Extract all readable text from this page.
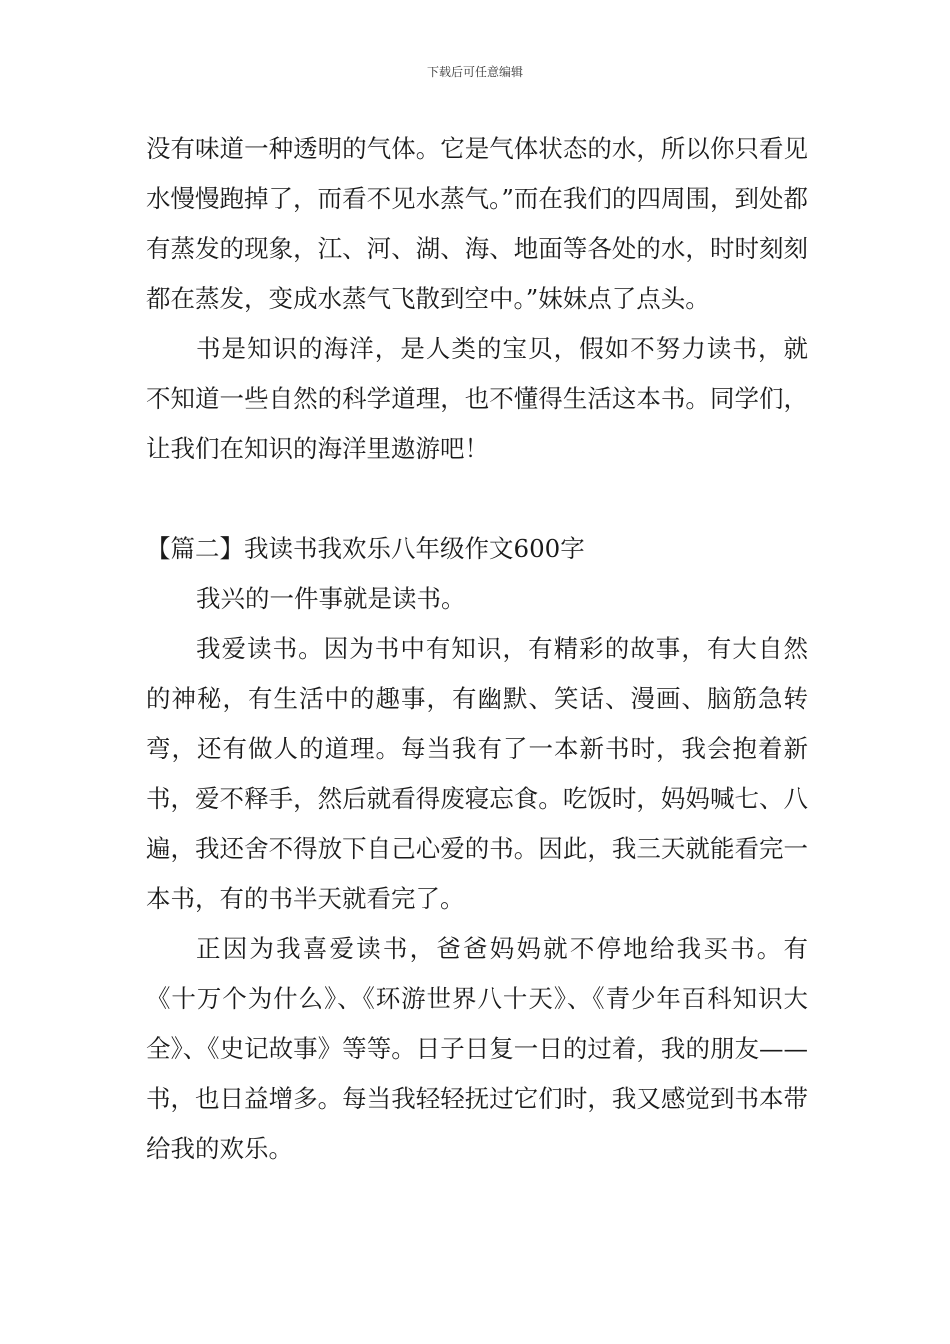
下载后可任意编辑

没有味道一种透明的气体。它是气体状态的水，所以你只看见水慢慢跑掉了，而看不见水蒸气。”而在我们的四周围，到处都有蒸发的现象，江、河、湖、海、地面等各处的水，时时刻刻都在蒸发，变成水蒸气飞散到空中。”妹妹点了点头。

书是知识的海洋，是人类的宝贝，假如不努力读书，就不知道一些自然的科学道理，也不懂得生活这本书。同学们，让我们在知识的海洋里遨游吧！

【篇二】我读书我欢乐八年级作文600字

我兴的一件事就是读书。

我爱读书。因为书中有知识，有精彩的故事，有大自然的神秘，有生活中的趣事，有幽默、笑话、漫画、脑筋急转弯，还有做人的道理。每当我有了一本新书时，我会抱着新书，爱不释手，然后就看得废寝忘食。吃饭时，妈妈喊七、八遍，我还舍不得放下自己心爱的书。因此，我三天就能看完一本书，有的书半天就看完了。

正因为我喜爱读书，爸爸妈妈就不停地给我买书。有《十万个为什么》、《环游世界八十天》、《青少年百科知识大全》、《史记故事》等等。日子日复一日的过着，我的朋友——书，也日益增多。每当我轻轻抚过它们时，我又感觉到书本带给我的欢乐。
